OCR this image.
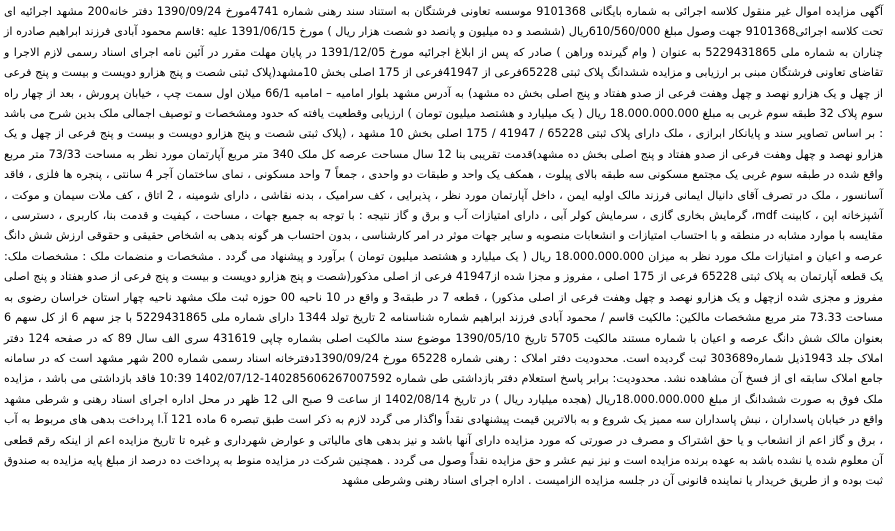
آگهی مزایده اموال غیر منقول کلاسه اجرائی به شماره بایگانی 9101368 موسسه تعاونی فرشتگان به استناد سند رهنی شماره 4741مورخ 1390/09/24 دفتر خانه200 مشهد اجرائیه ای تحت کلاسه اجرائی9101368 جهت وصول مبلغ 610/560/000ریال (ششصد و ده میلیون و پانصد دو شصت هزار ریال ) مورخ 1391/06/15 علیه :قاسم محمود آبادی فرزند ابراهیم صادره از چناران به شماره ملی 5229431865 به عنوان ( وام گیرنده وراهن ) صادر که پس از ابلاغ اجرائیه مورخ 1391/12/05 در پایان مهلت مقرر در آئین نامه اجرای اسناد رسمی لازم الاجرا و تقاضای تعاونی فرشتگان مبنی بر ارزیابی و مزایده ششدانگ پلاک ثبتی 65228فرعی از 41947فرعی از 175 اصلی بخش 10مشهد(پلاک ثبتی شصت و پنج هزارو دویست و بیست و پنج فرعی از چهل و یک هزارو نهصد و چهل وهفت فرعی از صدو هفتاد و پنج اصلی بخش ده مشهد) به آدرس مشهد بلوار امامیه – امامیه 66/1 میلان اول سمت چپ ، خیابان پرورش ، بعد از چهار راه سوم پلاک 32 طبقه سوم غربی به مبلغ 18.000.000.000 ریال ( یک میلیارد و هشتصد میلیون تومان ) ارزیابی وقطعیت یافته که حدود ومشخصات و توصیف اجمالی ملک بدین شرح می باشد : بر اساس تصاویر سند و پایانکار ابرازی ، ملک دارای پلاک ثبتی 65228 / 41947 / 175 اصلی بخش 10 مشهد ، (پلاک ثبتی شصت و پنج هزارو دویست و بیست و پنج فرعی از چهل و یک هزارو نهصد و چهل وهفت فرعی از صدو هفتاد و پنج اصلی بخش ده مشهد)قدمت تقریبی بنا 12 سال مساحت عرصه کل ملک 340 متر مربع آپارتمان مورد نظر به مساحت 73/33 متر مربع واقع شده در طبقه سوم غربی یک مجتمع مسکونی سه طبقه بالای پیلوت ، همکف یک واحد و طبقات دو واحدی ، جمعاً 7 واحد مسکونی ، نمای ساختمان آجر 4 سانتی ، پنجره ها فلزی ، فاقد آسانسور ، ملک در تصرف آقای دانیال ایمانی فرزند مالک اولیه ایمن ، داخل آپارتمان مورد نظر ، پذیرایی ، کف سرامیک ، بدنه نقاشی ، دارای شومینه ، 2 اتاق ، کف ملات سیمان و موکت ، آشپزخانه اپن ، کابینت mdf، گرمایش بخاری گازی ، سرمایش کولر آبی ، دارای امتیازات آب و برق و گاز نتیجه : با توجه به جمیع جهات ، مساحت ، کیفیت و قدمت بنا، کاربری ، دسترسی ، مقایسه با موارد مشابه در منطقه و با احتساب امتیازات و انشعابات منصوبه و سایر جهات موثر در امر کارشناسی ، بدون احتساب هر گونه بدهی به اشخاص حقیقی و حقوقی ارزش شش دانگ عرصه و اعیان و امتیازات ملک مورد نظر به میزان 18.000.000.000 ریال ( یک میلیارد و هشتصد میلیون تومان ) برآورد و پیشنهاد می گردد . مشخصات و منضمات ملک : مشخصات ملک: یک قطعه آپارتمان به پلاک ثبتی 65228 فرعی از 175 اصلی ، مفروز و مجزا شده از41947 فرعی از اصلی مذکور(شصت و پنج هزارو دویست و بیست و پنج فرعی از صدو هفتاد و پنج اصلی مفروز و مجزی شده ازچهل و یک هزارو نهصد و چهل وهفت فرعی از اصلی مذکور) ، قطعه 7 در طبقه3 و واقع در 10 ناحیه 00 حوزه ثبت ملک مشهد ناحیه چهار استان خراسان رضوی به مساحت 73.33 متر مربع مشخصات مالکین: مالکیت قاسم / محمود آبادی فرزند ابراهیم شماره شناسنامه 2 تاریخ تولد 1344 دارای شماره ملی 5229431865 با جز سهم 6 از کل سهم 6 بعنوان مالک شش دانگ عرصه و اعیان با شماره مستند مالکیت 5705 تاریخ 1390/05/10 موضوع سند مالکیت اصلی بشماره چاپی 431619 سری الف سال 89 که در صفحه 124 دفتر املاک جلد 1943ذیل شماره303689 ثبت گردیده است. محدودیت دفتر املاک : رهنی شماره 65228 مورخ 1390/09/24دفترخانه اسناد رسمی شماره 200 شهر مشهد است که در سامانه جامع املاک سابقه ای از فسخ آن مشاهده نشد. محدودیت: برابر پاسخ استعلام دفتر بازداشتی طی شماره 140285606267007592-1402/07/12 10:39 فاقد بازداشتی می باشد ، مزایده ملک فوق به صورت ششدانگ از مبلغ 18.000.000.000ریال (هجده میلیارد ریال ) در تاریخ 1402/08/14 از ساعت 9 صبح الی 12 ظهر در محل اداره اجرای اسناد رهنی و شرطی مشهد واقع در خیابان پاسداران ، نبش پاسداران سه ممیز یک شروع و به بالاترین قیمت پیشنهادی نقداً واگذار می گردد لازم به ذکر است طبق تبصره 6 ماده 121 آ.ا پرداخت بدهی های مربوط به آب ، برق و گاز اعم از انشعاب و یا حق اشتراک و مصرف در صورتی که مورد مزایده دارای آنها باشد و نیز بدهی های مالیاتی و عوارض شهرداری و غیره تا تاریخ مزایده اعم از اینکه رقم قطعی آن معلوم شده یا نشده باشد به عهده برنده مزایده است و نیز نیم عشر و حق مزایده نقداً وصول می گردد . همچنین شرکت در مزایده منوط به پرداخت ده درصد از مبلغ پایه مزایده به صندوق ثبت بوده و از طریق خریدار یا نماینده قانونی آن در جلسه مزایده الزامیست . اداره اجرای اسناد رهنی وشرطی مشهد
